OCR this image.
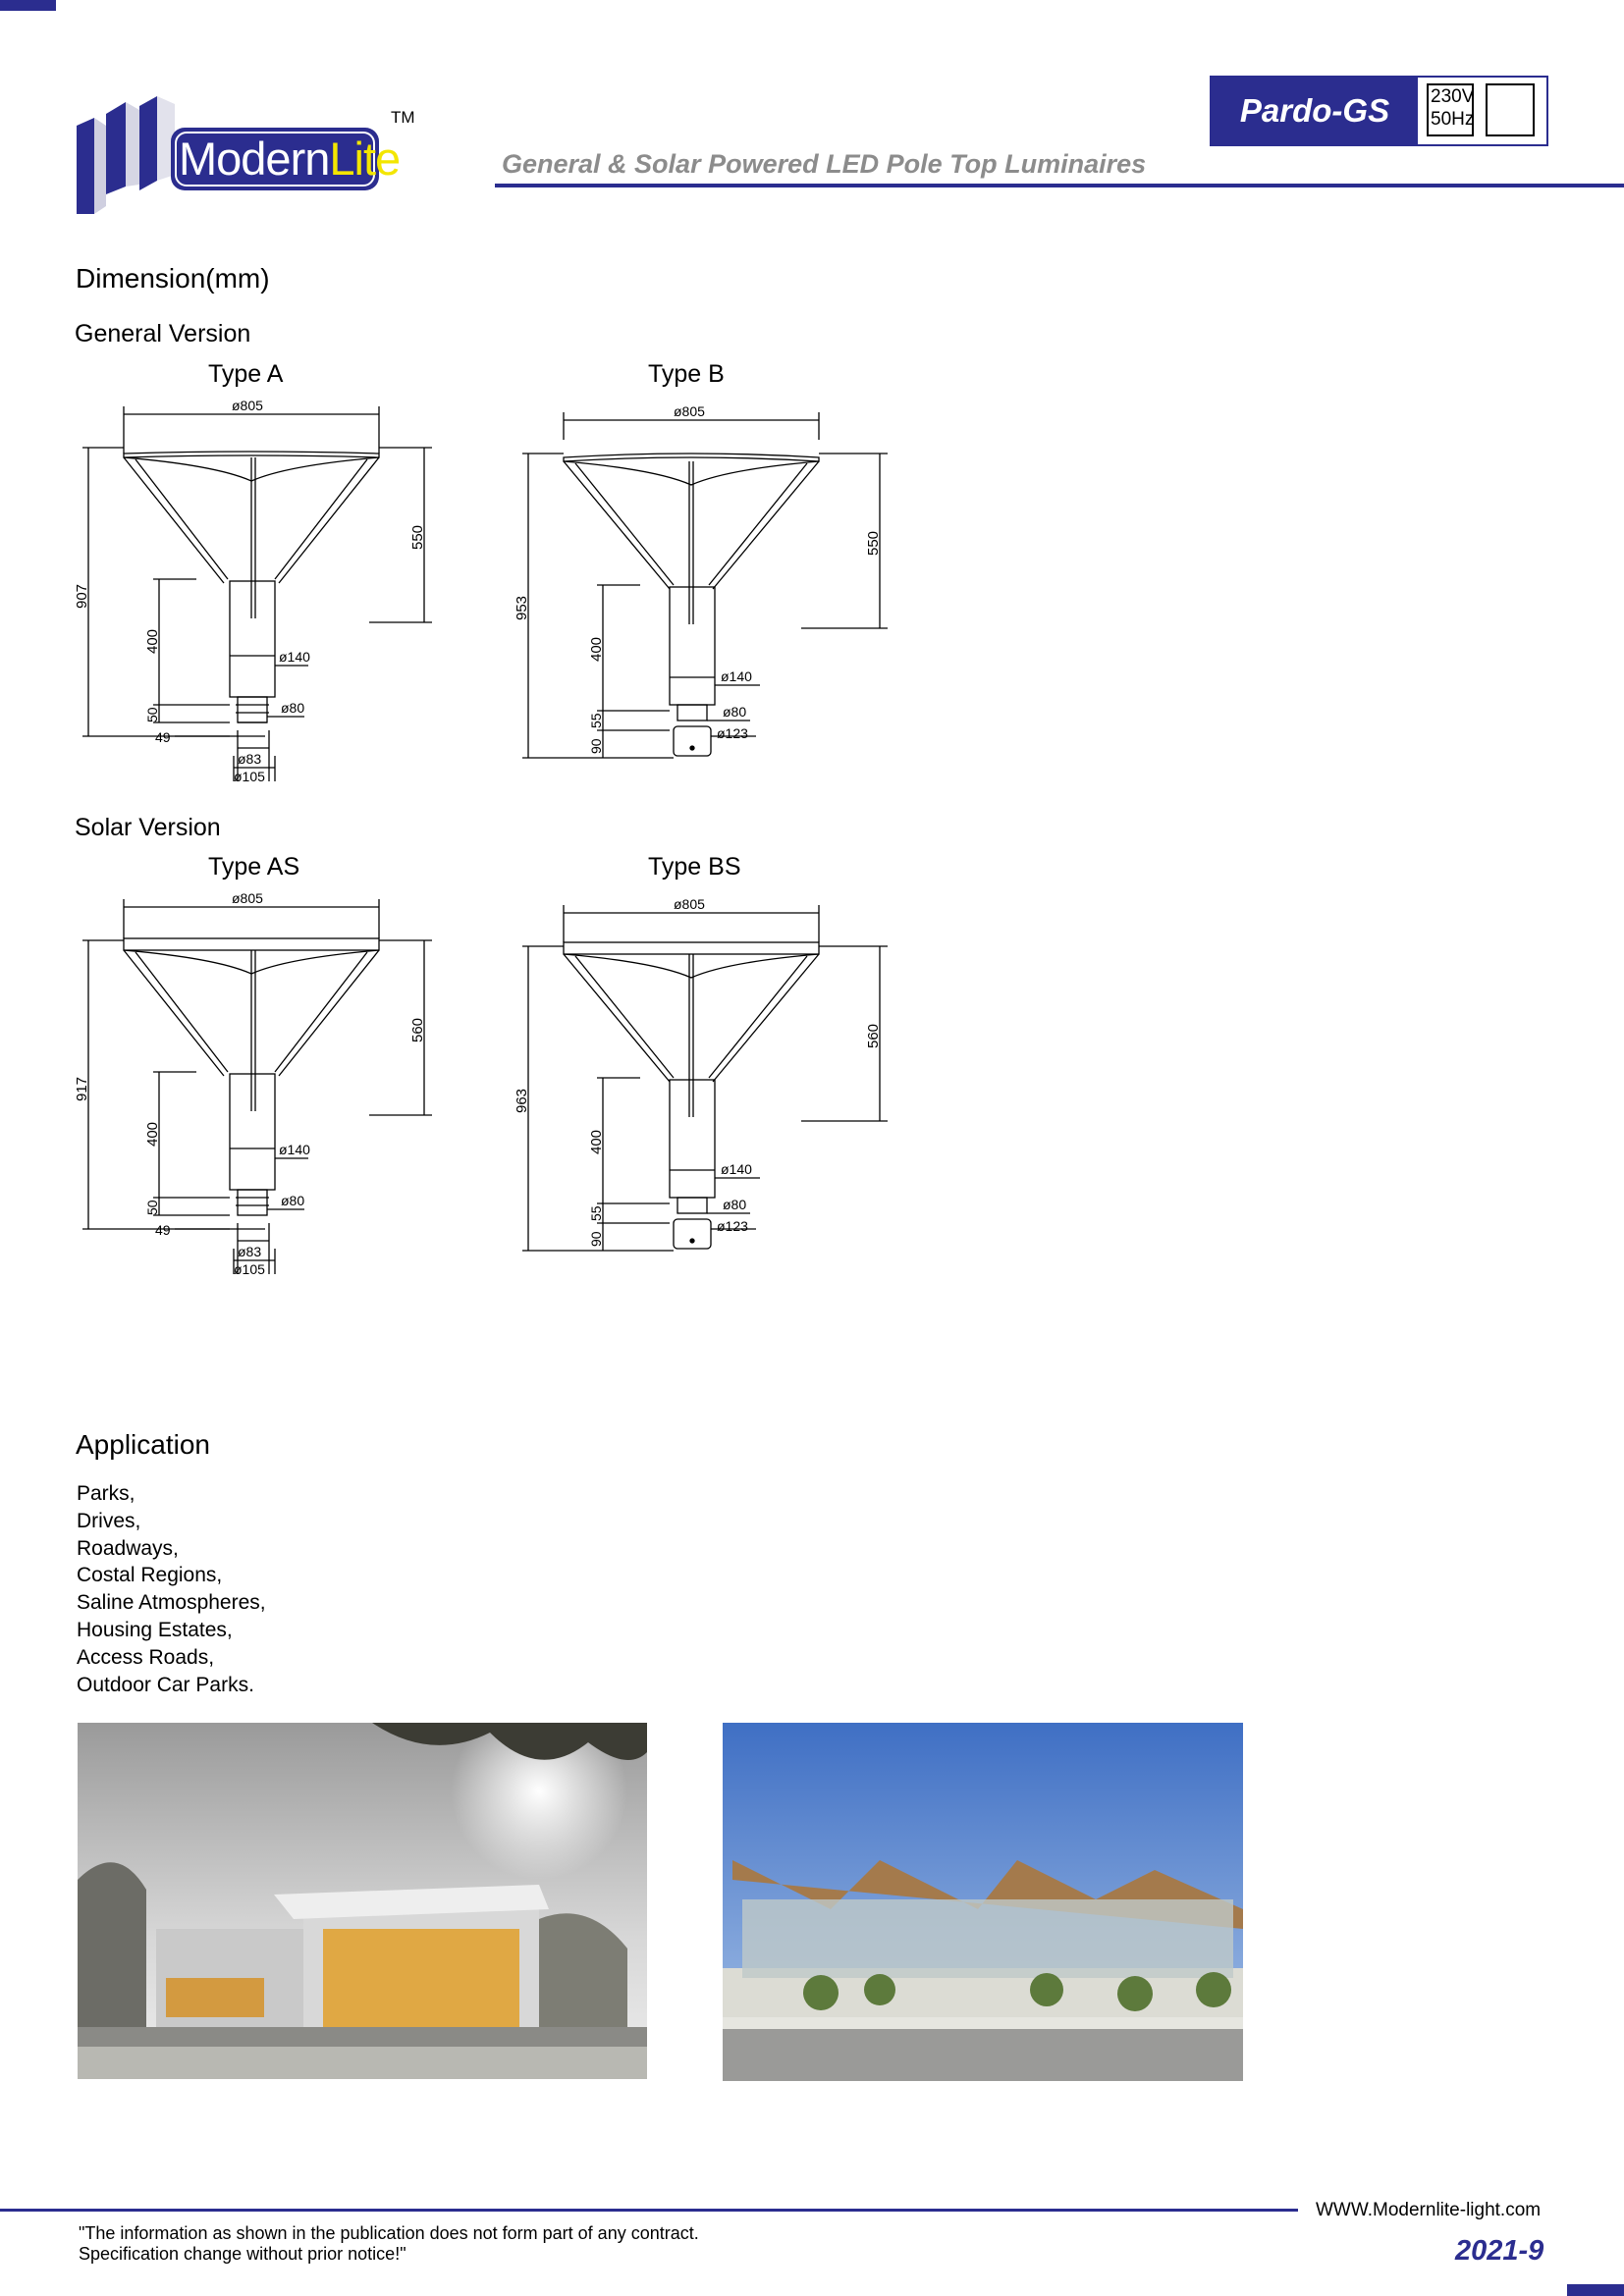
ModernLite
TM	Pardo-GS	230V
50Hz
General & Solar Powered LED Pole Top Luminaires
Dimension(mm)
General Version
Solar Version
Type A	Type B
Type AS	Type BS
ø805
907
550
400
ø140
ø80
50
49
ø83
ø105
ø805
953
550
400
ø140
ø80
ø123
90
55
ø805
917
560
400
ø140
ø80
50
49
ø83
ø105
ø805
963
560
400
ø140
ø80
ø123
90
55
Application
Parks,
Drives,
Roadways,
Costal Regions,
Saline Atmospheres,
Housing Estates,
Access Roads,
Outdoor Car Parks.
WWW.Modernlite-light.com
"The information as shown in the publication does not form part of any contract.
Specification change without prior notice!"	2021-9
